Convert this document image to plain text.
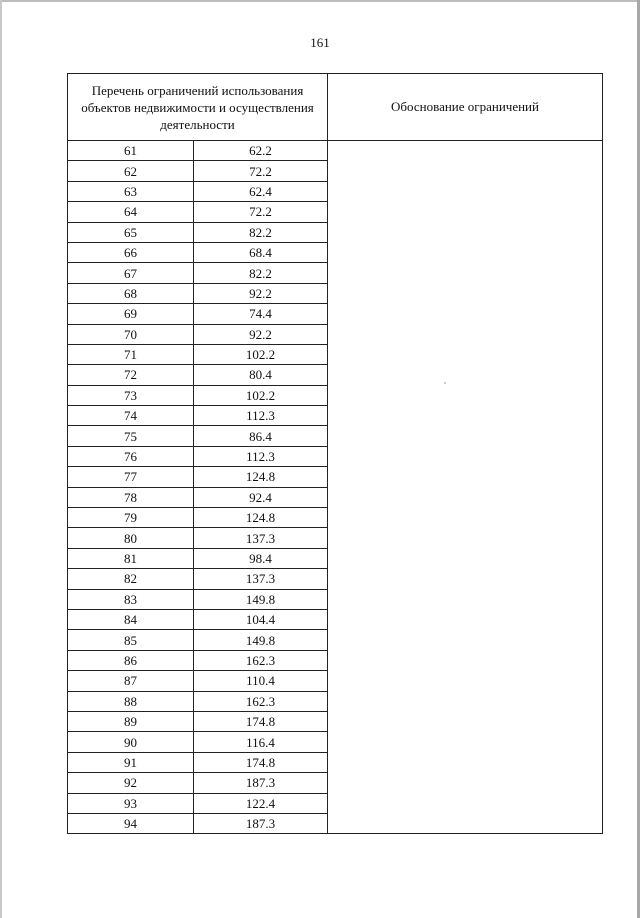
161
Перечень ограничений использования объектов недвижимости и осуществления деятельности		Обоснование ограничений
61	62.2	
62	72.2	
63	62.4	
64	72.2	
65	82.2	
66	68.4	
67	82.2	
68	92.2	
69	74.4	
70	92.2	
71	102.2	
72	80.4	
73	102.2	
74	112.3	
75	86.4	
76	112.3	
77	124.8	
78	92.4	
79	124.8	
80	137.3	
81	98.4	
82	137.3	
83	149.8	
84	104.4	
85	149.8	
86	162.3	
87	110.4	
88	162.3	
89	174.8	
90	116.4	
91	174.8	
92	187.3	
93	122.4	
94	187.3	
